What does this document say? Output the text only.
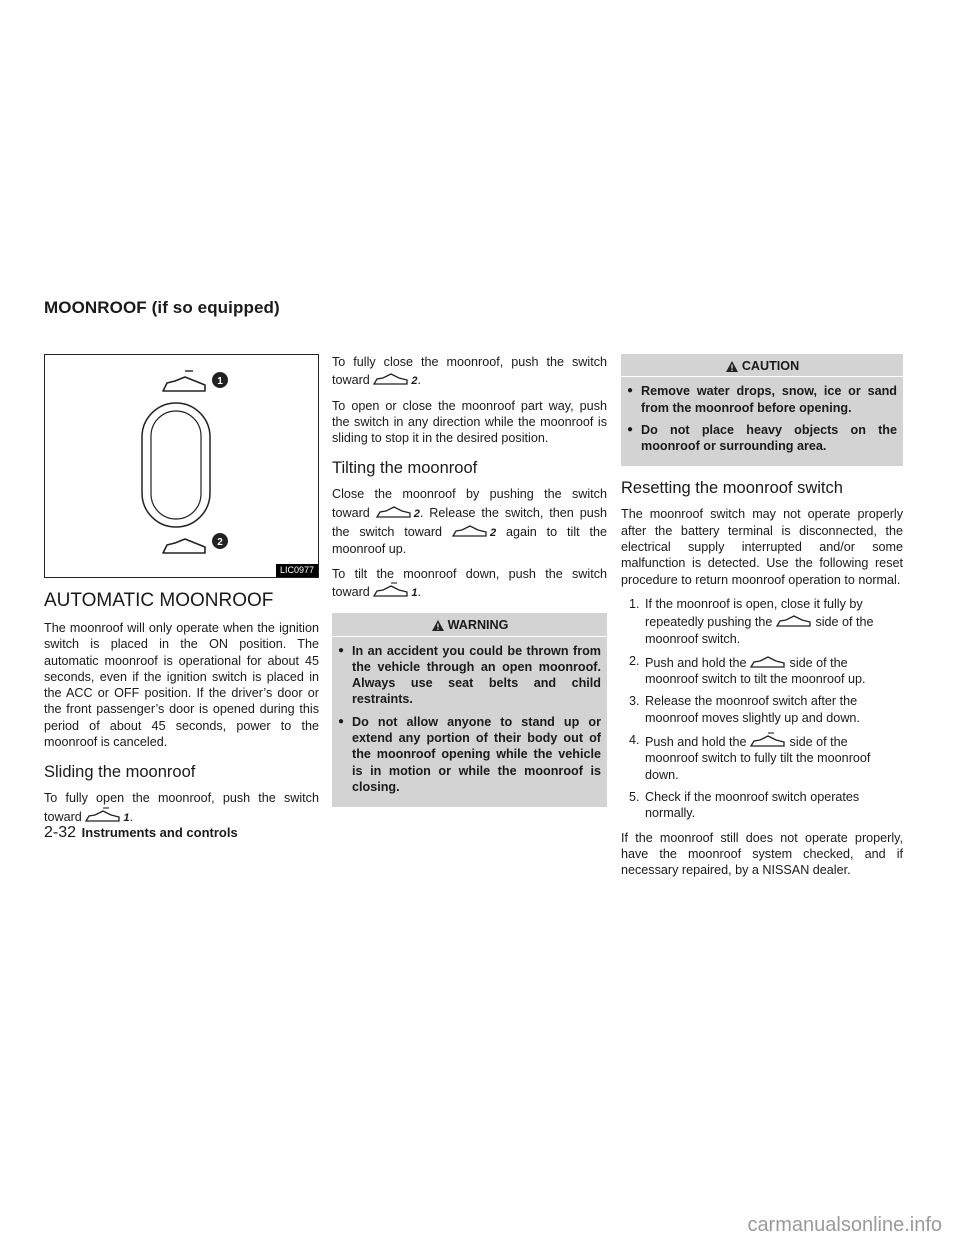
MOONROOF (if so equipped)
1
2
LIC0977
AUTOMATIC MOONROOF

The moonroof will only operate when the ignition switch is placed in the ON position. The automatic moonroof is operational for about 45 seconds, even if the ignition switch is placed in the ACC or OFF position. If the driver’s door or the front passenger’s door is opened during this period of about 45 seconds, power to the moonroof is canceled.

Sliding the moonroof

To fully open the moonroof, push the switch toward	1.

To fully close the moonroof, push the switch toward	2.

To open or close the moonroof part way, push the switch in any direction while the moonroof is sliding to stop it in the desired position.

Tilting the moonroof

Close the moonroof by pushing the switch toward	2. Release the switch, then push the switch toward	2 again to tilt the moonroof up.

To tilt the moonroof down, push the switch toward	1.

WARNING
● In an accident you could be thrown from the vehicle through an open moonroof. Always use seat belts and child restraints.
● Do not allow anyone to stand up or extend any portion of their body out of the moonroof opening while the vehicle is in motion or while the moonroof is closing.
CAUTION
● Remove water drops, snow, ice or sand from the moonroof before opening.
● Do not place heavy objects on the moonroof or surrounding area.
Resetting the moonroof switch

The moonroof switch may not operate properly after the battery terminal is disconnected, the electrical supply interrupted and/or some malfunction is detected. Use the following reset procedure to return moonroof operation to normal.

1. If the moonroof is open, close it fully by repeatedly pushing the	side of the moonroof switch.
2. Push and hold the	side of the moonroof switch to tilt the moonroof up.
3. Release the moonroof switch after the moonroof moves slightly up and down.
4. Push and hold the	side of the moonroof switch to fully tilt the moonroof down.
5. Check if the moonroof switch operates normally.

If the moonroof still does not operate properly, have the moonroof system checked, and if necessary repaired, by a NISSAN dealer.

2-32 Instruments and controls
carmanualsonline.info
